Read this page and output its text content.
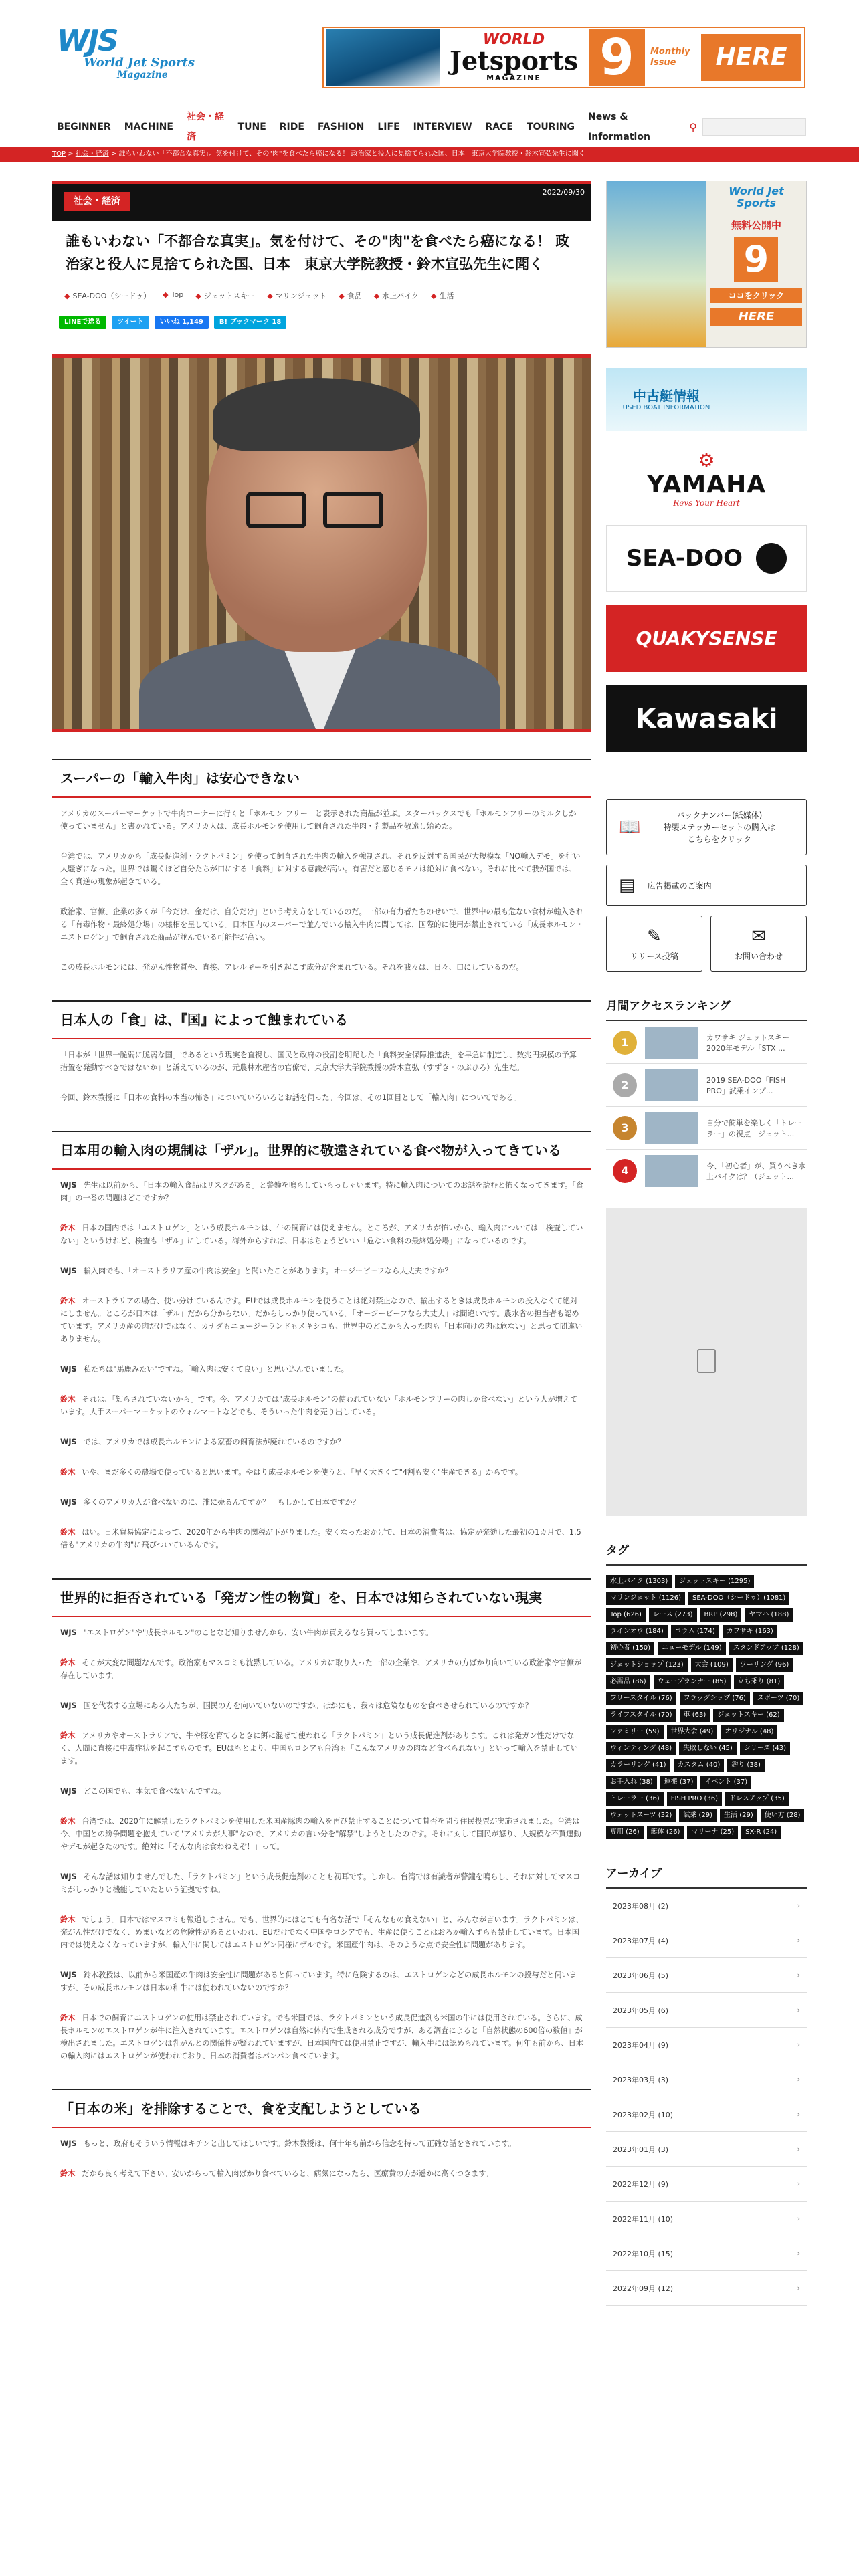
WJS
World Jet Sports
Magazine
WORLD
Jetsports
MAGAZINE	9	Monthly Issue	HERE
BEGINNER MACHINE
社会・経済
TUNE RIDE FASHION LIFE INTERVIEW RACE TOURING
News & Information
⚲
TOP > 社会・経済 > 誰もいわない「不都合な真実」。気を付けて、その"肉"を食べたら癌になる！ 政治家と役人に見捨てられた国、日本　東京大学院教授・鈴木宣弘先生に聞く
社会・経済
2022/09/30
誰もいわない「不都合な真実」。気を付けて、その"肉"を食べたら癌になる！ 政治家と役人に見捨てられた国、日本　東京大学院教授・鈴木宣弘先生に聞く
◆ SEA-DOO（シードゥ） ◆ Top ◆ ジェットスキー ◆ マリンジェット ◆ 食品 ◆ 水上バイク ◆ 生活
LINEで送る	ツイート	いいね 1,149	B! ブックマーク 18
スーパーの「輸入牛肉」は安心できない

アメリカのスーパーマーケットで牛肉コーナーに行くと「ホルモン フリー」と表示された商品が並ぶ。スターバックスでも「ホルモンフリーのミルクしか使っていません」と書かれている。アメリカ人は、成長ホルモンを使用して飼育された牛肉・乳製品を敬遠し始めた。

台湾では、アメリカから「成長促進剤・ラクトパミン」を使って飼育された牛肉の輸入を強制され、それを反対する国民が大規模な「NO輸入デモ」を行い大騒ぎになった。世界では驚くほど自分たちが口にする「食料」に対する意識が高い。有害だと感じるモノは絶対に食べない。それに比べて我が国では、全く真逆の現象が起きている。

政治家、官僚、企業の多くが「今だけ、金だけ、自分だけ」という考え方をしているのだ。一部の有力者たちのせいで、世界中の最も危ない食材が輸入される「有毒作物・最終処分場」の様相を呈している。日本国内のスーパーで並んでいる輸入牛肉に関しては、国際的に使用が禁止されている「成長ホルモン・エストロゲン」で飼育された商品が並んでいる可能性が高い。

この成長ホルモンには、発がん性物質や、直接、アレルギーを引き起こす成分が含まれている。それを我々は、日々、口にしているのだ。

日本人の「食」は、『国』によって蝕まれている

「日本が「世界一脆弱に脆弱な国」であるという現実を直視し、国民と政府の役割を明記した「食料安全保障推進法」を早急に制定し、数兆円規模の予算措置を発動すべきではないか」と訴えているのが、元農林水産省の官僚で、東京大学大学院教授の鈴木宣弘（すずき・のぶひろ）先生だ。

今回、鈴木教授に「日本の食料の本当の怖さ」についていろいろとお話を伺った。今回は、その1回目として「輸入肉」についてである。

日本用の輸入肉の規制は「ザル」。世界的に敬遠されている食べ物が入ってきている

WJS 先生は以前から、「日本の輸入食品はリスクがある」と警鐘を鳴らしていらっしゃいます。特に輸入肉についてのお話を読むと怖くなってきます。「食肉」の一番の問題はどこですか？

鈴木 日本の国内では「エストロゲン」という成長ホルモンは、牛の飼育には使えません。ところが、アメリカが怖いから、輸入肉については「検査していない」というけれど、検査も「ザル」にしている。海外からすれば、日本はちょうどいい「危ない食料の最終処分場」になっているのです。

WJS 輸入肉でも、「オーストラリア産の牛肉は安全」と聞いたことがあります。オージービーフなら大丈夫ですか？

鈴木 オーストラリアの場合、使い分けているんです。EUでは成長ホルモンを使うことは絶対禁止なので、輸出するときは成長ホルモンの投入なくて絶対にしません。ところが日本は「ザル」だから分からない。だからしっかり使っている。「オージービーフなら大丈夫」は間違いです。農水省の担当者も認めています。アメリカ産の肉だけではなく、カナダもニュージーランドもメキシコも、世界中のどこから入った肉も「日本向けの肉は危ない」と思って間違いありません。

WJS 私たちは"馬鹿みたい"ですね。「輸入肉は安くて良い」と思い込んでいました。

鈴木 それは、「知らされていないから」です。今、アメリカでは"成長ホルモン"の使われていない「ホルモンフリーの肉しか食べない」という人が増えています。大手スーパーマーケットのウォルマートなどでも、そういった牛肉を売り出している。

WJS では、アメリカでは成長ホルモンによる家畜の飼育法が廃れているのですか？

鈴木 いや、まだ多くの農場で使っていると思います。やはり成長ホルモンを使うと、「早く大きくて"4割も安く"生産できる」からです。

WJS 多くのアメリカ人が食べないのに、誰に売るんですか？　もしかして日本ですか？

鈴木 はい。日米貿易協定によって、2020年から牛肉の関税が下がりました。安くなったおかげで、日本の消費者は、協定が発効した最初の1カ月で、1.5倍も"アメリカの牛肉"に飛びついているんです。

世界的に拒否されている「発ガン性の物質」を、日本では知らされていない現実

WJS "エストロゲン"や"成長ホルモン"のことなど知りませんから、安い牛肉が買えるなら買ってしまいます。

鈴木 そこが大変な問題なんです。政治家もマスコミも沈黙している。アメリカに取り入った一部の企業や、アメリカの方ばかり向いている政治家や官僚が存在しています。

WJS 国を代表する立場にある人たちが、国民の方を向いていないのですか。ほかにも、我々は危険なものを食べさせられているのですか？

鈴木 アメリカやオーストラリアで、牛や豚を育てるときに餌に混ぜて使われる「ラクトパミン」という成長促進剤があります。これは発ガン性だけでなく、人間に直接に中毒症状を起こすものです。EUはもとより、中国もロシアも台湾も「こんなアメリカの肉など食べられない」といって輸入を禁止しています。

WJS どこの国でも、本気で食べないんですね。

鈴木 台湾では、2020年に解禁したラクトパミンを使用した米国産豚肉の輸入を再び禁止することについて賛否を問う住民投票が実施されました。台湾は今、中国との紛争問題を抱えていて"アメリカが大事"なので、アメリカの言い分を"解禁"しようとしたのです。それに対して国民が怒り、大規模な不買運動やデモが起きたのです。絶対に「そんな肉は食わねえぞ！」って。

WJS そんな話は知りませんでした、「ラクトパミン」という成長促進剤のことも初耳です。しかし、台湾では有識者が警鐘を鳴らし、それに対してマスコミがしっかりと機能していたという証拠ですね。

鈴木 でしょう。日本ではマスコミも報道しません。でも、世界的にはとても有名な話で「そんなもの食えない」と、みんなが言います。ラクトパミンは、発がん性だけでなく、めまいなどの危険性があるといわれ、EUだけでなく中国やロシアでも、生産に使うことはおろか輸入すらも禁止しています。日本国内では使えなくなっていますが、輸入牛に関してはエストロゲン同様にザルです。米国産牛肉は、そのような点で安全性に問題があります。

WJS 鈴木教授は、以前から米国産の牛肉は安全性に問題があると仰っています。特に危険するのは、エストロゲンなどの成長ホルモンの投与だと伺いますが、その成長ホルモンは日本の和牛には使われていないのですか？

鈴木 日本での飼育にエストロゲンの使用は禁止されています。でも米国では、ラクトパミンという成長促進剤も米国の牛には使用されている。さらに、成長ホルモンのエストロゲンが牛に注入されています。エストロゲンは自然に体内で生成される成分ですが、ある調査によると「自然状態の600倍の数値」が検出されました。エストロゲンは乳がんとの関係性が疑われていますが、日本国内では使用禁止ですが、輸入牛には認められています。何年も前から、日本の輸入肉にはエストロゲンが使われており、日本の消費者はパンパン食べています。

「日本の米」を排除することで、食を支配しようとしている

WJS もっと、政府もそういう情報はキチンと出してほしいです。鈴木教授は、何十年も前から信念を持って正確な話をされています。

鈴木 だから良く考えて下さい。安いからって輸入肉ばかり食べていると、病気になったら、医療費の方が遥かに高くつきます。

World Jet Sports
無料公開中
9
ココをクリック
HERE
中古艇情報
USED BOAT INFORMATION
⚙
YAMAHA
Revs Your Heart
SEA-DOO
QUAKYSENSE
Kawasaki
📖
バックナンバー(紙媒体)
特製ステッカーセットの購入は
こちらをクリック
▤ 広告掲載のご案内
✎
リリース投稿
✉
お問い合わせ
月間アクセスランキング
1	カワサキ ジェットスキー2020年モデル「STX ...
2	2019 SEA-DOO「FISH PRO」試乗インプ...
3	自分で簡単を楽しく「トレーラー」の視点　ジェット...
4	今、「初心者」が、買うべき水上バイクは？（ジェット...
タグ
水上バイク (1303)	ジェットスキー (1295)
マリンジェット (1126)	SEA-DOO（シードゥ）(1081)
Top (626)	レース (273)	BRP (298)	ヤマハ (188)
ラインオウ (184)	コラム (174)	カワサキ (163)
初心者 (150)	ニューモデル (149)	スタンドアップ (128)
ジェットショップ (123)	大会 (109)	ツーリング (96)
必需品 (86)	ウェーブランナー (85)	立ち乗り (81)
フリースタイル (76)	フラッグシップ (76)	スポーツ (70)
ライフスタイル (70)	車 (63)	ジェットスキー (62)
ファミリー (59)	世界大会 (49)	オリジナル (48)
ウィンティング (48)	失敗しない (45)	シリーズ (43)
カラーリング (41)	カスタム (40)	釣り (38)
お手入れ (38)	運搬 (37)	イベント (37)
トレーラー (36)	FISH PRO (36)	ドレスアップ (35)
ウェットスーツ (32)	試乗 (29)	生活 (29)	使い方 (28)
専用 (26)	艇体 (26)	マリーナ (25)	SX-R (24)
アーカイブ
2023年08月 (2)	›
2023年07月 (4)	›
2023年06月 (5)	›
2023年05月 (6)	›
2023年04月 (9)	›
2023年03月 (3)	›
2023年02月 (10)	›
2023年01月 (3)	›
2022年12月 (9)	›
2022年11月 (10)	›
2022年10月 (15)	›
2022年09月 (12)	›
